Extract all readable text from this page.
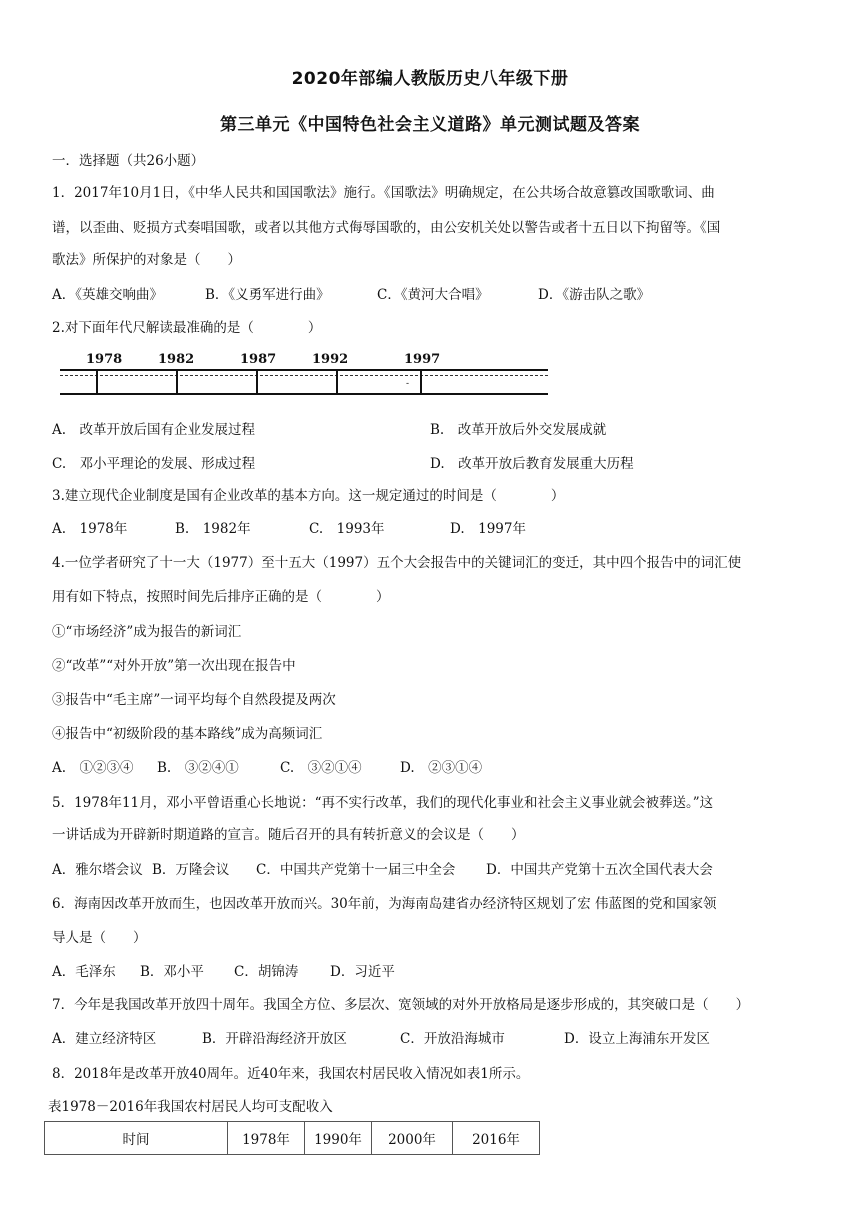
2020年部编人教版历史八年级下册
第三单元《中国特色社会主义道路》单元测试题及答案
一．选择题（共26小题）
1．2017年10月1日，《中华人民共和国国歌法》施行。《国歌法》明确规定，在公共场合故意篡改国歌歌词、曲
谱，以歪曲、贬损方式奏唱国歌，或者以其他方式侮辱国歌的，由公安机关处以警告或者十五日以下拘留等。《国
歌法》所保护的对象是（　　）
A．《英雄交响曲》	B．《义勇军进行曲》	C．《黄河大合唱》	D．《游击队之歌》
2.对下面年代尺解读最准确的是（　　　　）
1978	1982	1987	1992	1997
-
A.　改革开放后国有企业发展过程	B.　改革开放后外交发展成就
C.　邓小平理论的发展、形成过程	D.　改革开放后教育发展重大历程
3.建立现代企业制度是国有企业改革的基本方向。这一规定通过的时间是（　　　　）
A.　1978年	B.　1982年	C.　1993年	D.　1997年
4.一位学者研究了十一大（1977）至十五大（1997）五个大会报告中的关键词汇的变迁，其中四个报告中的词汇使
用有如下特点，按照时间先后排序正确的是（　　　　）
①“市场经济”成为报告的新词汇
②“改革”“对外开放”第一次出现在报告中
③报告中“毛主席”一词平均每个自然段提及两次
④报告中“初级阶段的基本路线”成为高频词汇
A.　①②③④ B.　③②④①	C.　③②①④	D.　②③①④
5．1978年11月，邓小平曾语重心长地说：“再不实行改革，我们的现代化事业和社会主义事业就会被葬送。”这
一讲话成为开辟新时期道路的宣言。随后召开的具有转折意义的会议是（　　）
A．雅尔塔会议 B．万隆会议 C．中国共产党第十一届三中全会 D．中国共产党第十五次全国代表大会
6．海南因改革开放而生，也因改革开放而兴。30年前，为海南岛建省办经济特区规划了宏 伟蓝图的党和国家领
导人是（　　）
A．毛泽东 B．邓小平 C．胡锦涛 D．习近平
7．今年是我国改革开放四十周年。我国全方位、多层次、宽领域的对外开放格局是逐步形成的，其突破口是（　　）
A．建立经济特区	B．开辟沿海经济开放区	C．开放沿海城市	D．设立上海浦东开发区
8．2018年是改革开放40周年。近40年来，我国农村居民收入情况如表1所示。
表1978－2016年我国农村居民人均可支配收入
时间	1978年	1990年	2000年	2016年
